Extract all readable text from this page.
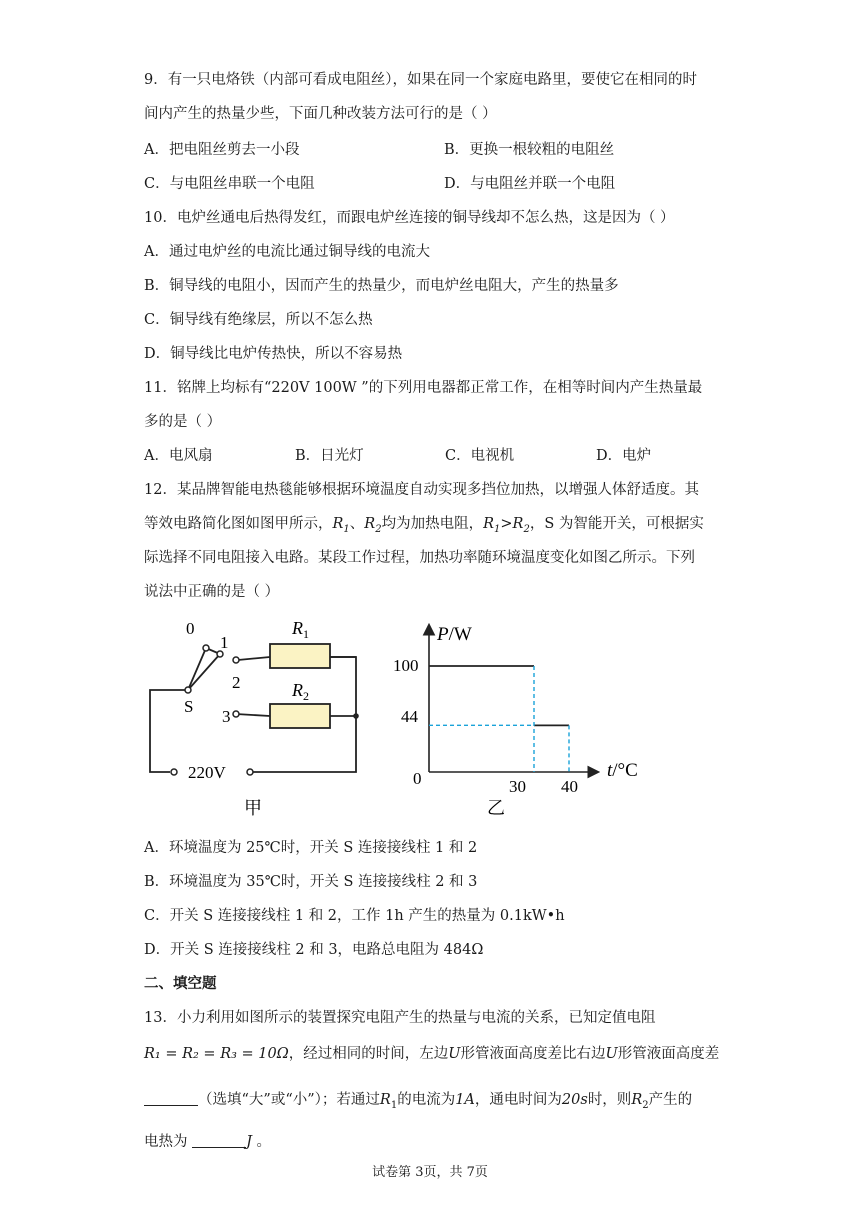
9．有一只电烙铁（内部可看成电阻丝），如果在同一个家庭电路里，要使它在相同的时
间内产生的热量少些，下面几种改装方法可行的是（ ）
A．把电阻丝剪去一小段	B．更换一根较粗的电阻丝
C．与电阻丝串联一个电阻	D．与电阻丝并联一个电阻
10．电炉丝通电后热得发红，而跟电炉丝连接的铜导线却不怎么热，这是因为（ ）
A．通过电炉丝的电流比通过铜导线的电流大
B．铜导线的电阻小，因而产生的热量少，而电炉丝电阻大，产生的热量多
C．铜导线有绝缘层，所以不怎么热
D．铜导线比电炉传热快，所以不容易热
11．铭牌上均标有“220V 100W ”的下列用电器都正常工作，在相等时间内产生热量最
多的是（ ）
A．电风扇	B．日光灯	C．电视机	D．电炉
12．某品牌智能电热毯能够根据环境温度自动实现多挡位加热，以增强人体舒适度。其
等效电路简化图如图甲所示，$R_1$、$R_2$均为加热电阻，$R_1>R_2$，S 为智能开关，可根据实
际选择不同电阻接入电路。某段工作过程，加热功率随环境温度变化如图乙所示。下列
说法中正确的是（ ）
0
1
2
3
S
$R_1$
$R_2$
220V
甲
P/W
t/°C
100
44
0	30 40
乙
A．环境温度为 25℃时，开关 S 连接接线柱 1 和 2
B．环境温度为 35℃时，开关 S 连接接线柱 2 和 3
C．开关 S 连接接线柱 1 和 2，工作 1h 产生的热量为 0.1kW•h
D．开关 S 连接接线柱 2 和 3，电路总电阻为 484Ω
二、填空题
13．小力利用如图所示的装置探究电阻产生的热量与电流的关系，已知定值电阻
R₁ = R₂ = R₃ = 10Ω，经过相同的时间，左边U形管液面高度差比右边U形管液面高度差
（选填“大”或“小”）；若通过$R_1$的电流为1A，通电时间为20s时，则$R_2$产生的
电热为	J 。
试卷第 3页，共 7页
